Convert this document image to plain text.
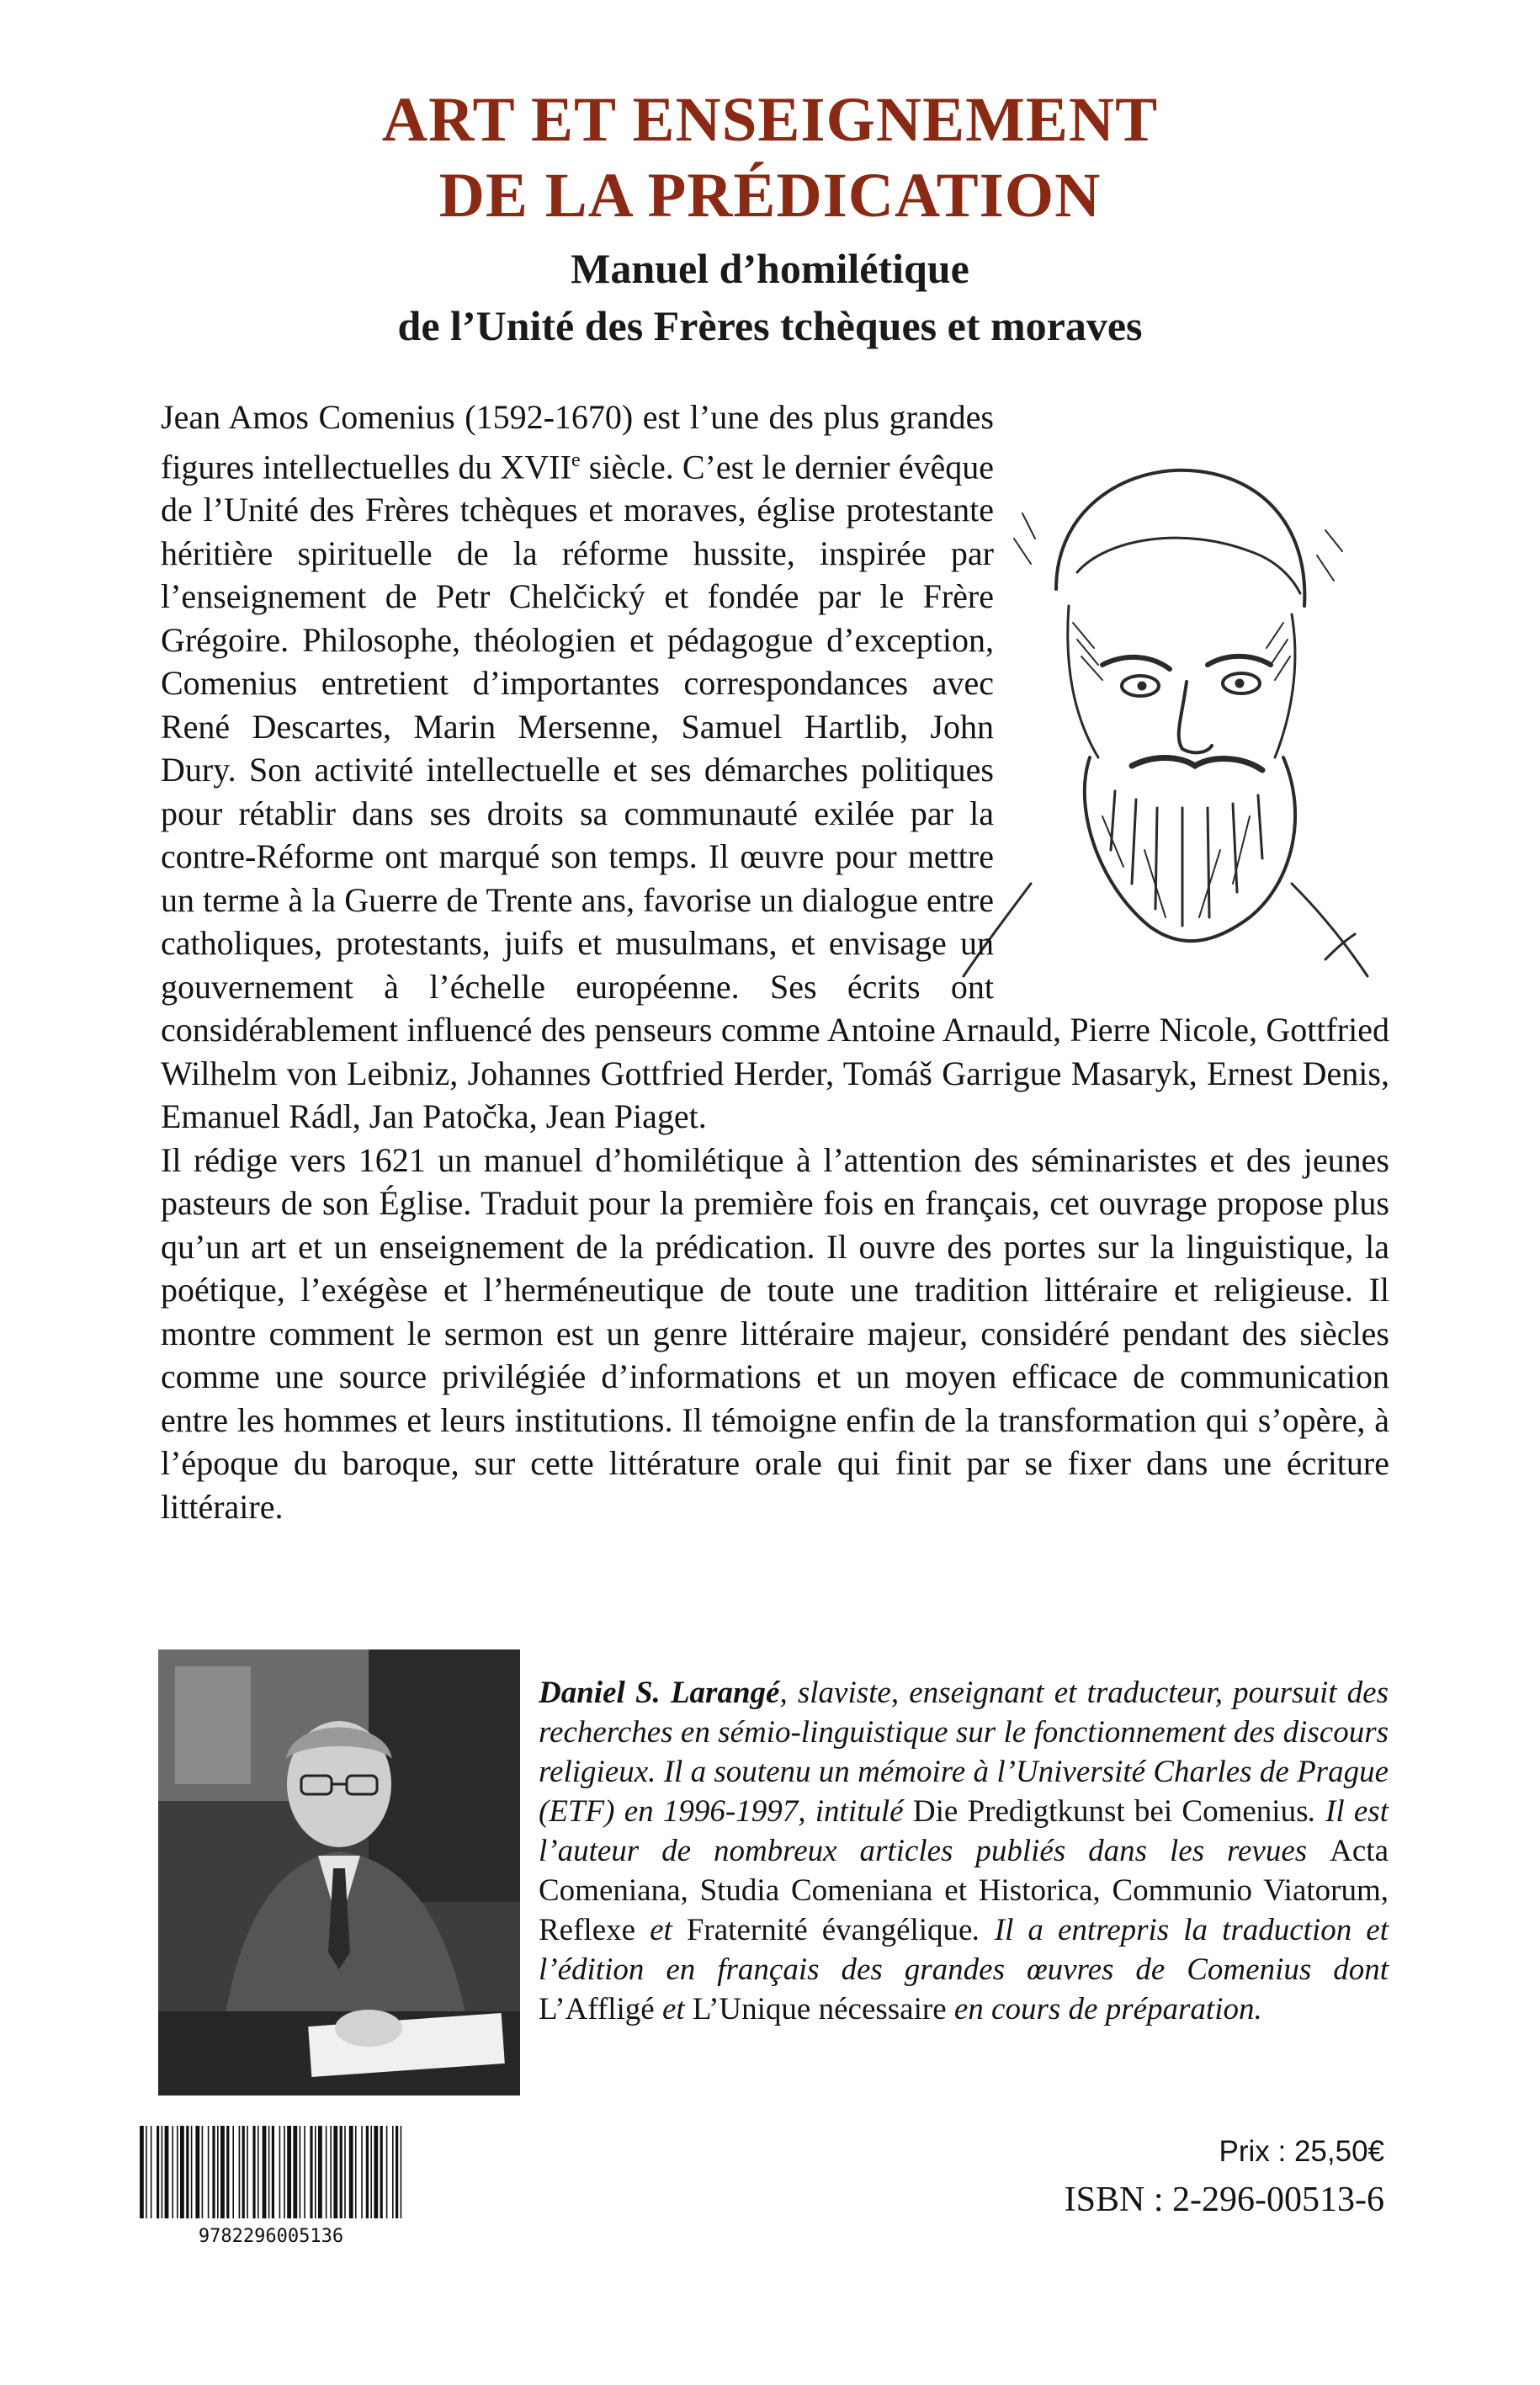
ART ET ENSEIGNEMENT
DE LA PRÉDICATION
Manuel d’homilétique
de l’Unité des Frères tchèques et moraves

Jean Amos Comenius (1592-1670) est l’une des plus grandes figures intellectuelles du XVIIe siècle. C’est le dernier évêque de l’Unité des Frères tchèques et moraves, église protestante héritière spirituelle de la réforme hussite, inspirée par l’enseignement de Petr Chelčický et fondée par le Frère Grégoire. Philosophe, théologien et pédagogue d’exception, Comenius entretient d’importantes correspondances avec René Descartes, Marin Mersenne, Samuel Hartlib, John Dury. Son activité intellectuelle et ses démarches politiques pour rétablir dans ses droits sa communauté exilée par la contre-Réforme ont marqué son temps. Il œuvre pour mettre un terme à la Guerre de Trente ans, favorise un dialogue entre catholiques, protestants, juifs et musulmans, et envisage un gouvernement à l’échelle européenne. Ses écrits ont considérablement influencé des penseurs comme Antoine Arnauld, Pierre Nicole, Gottfried Wilhelm von Leibniz, Johannes Gottfried Herder, Tomáš Garrigue Masaryk, Ernest Denis, Emanuel Rádl, Jan Patočka, Jean Piaget.

Il rédige vers 1621 un manuel d’homilétique à l’attention des séminaristes et des jeunes pasteurs de son Église. Traduit pour la première fois en français, cet ouvrage propose plus qu’un art et un enseignement de la prédication. Il ouvre des portes sur la linguistique, la poétique, l’exégèse et l’herméneutique de toute une tradition littéraire et religieuse. Il montre comment le sermon est un genre littéraire majeur, considéré pendant des siècles comme une source privilégiée d’informations et un moyen efficace de communication entre les hommes et leurs institutions. Il témoigne enfin de la transformation qui s’opère, à l’époque du baroque, sur cette littérature orale qui finit par se fixer dans une écriture littéraire.

Daniel S. Larangé, slaviste, enseignant et traducteur, poursuit des recherches en sémio-linguistique sur le fonctionnement des discours religieux. Il a soutenu un mémoire à l’Université Charles de Prague (ETF) en 1996-1997, intitulé Die Predigtkunst bei Comenius. Il est l’auteur de nombreux articles publiés dans les revues Acta Comeniana, Studia Comeniana et Historica, Communio Viatorum, Reflexe et Fraternité évangélique. Il a entrepris la traduction et l’édition en français des grandes œuvres de Comenius dont L’Affligé et L’Unique nécessaire en cours de préparation.

9782296005136
Prix : 25,50€
ISBN : 2-296-00513-6
